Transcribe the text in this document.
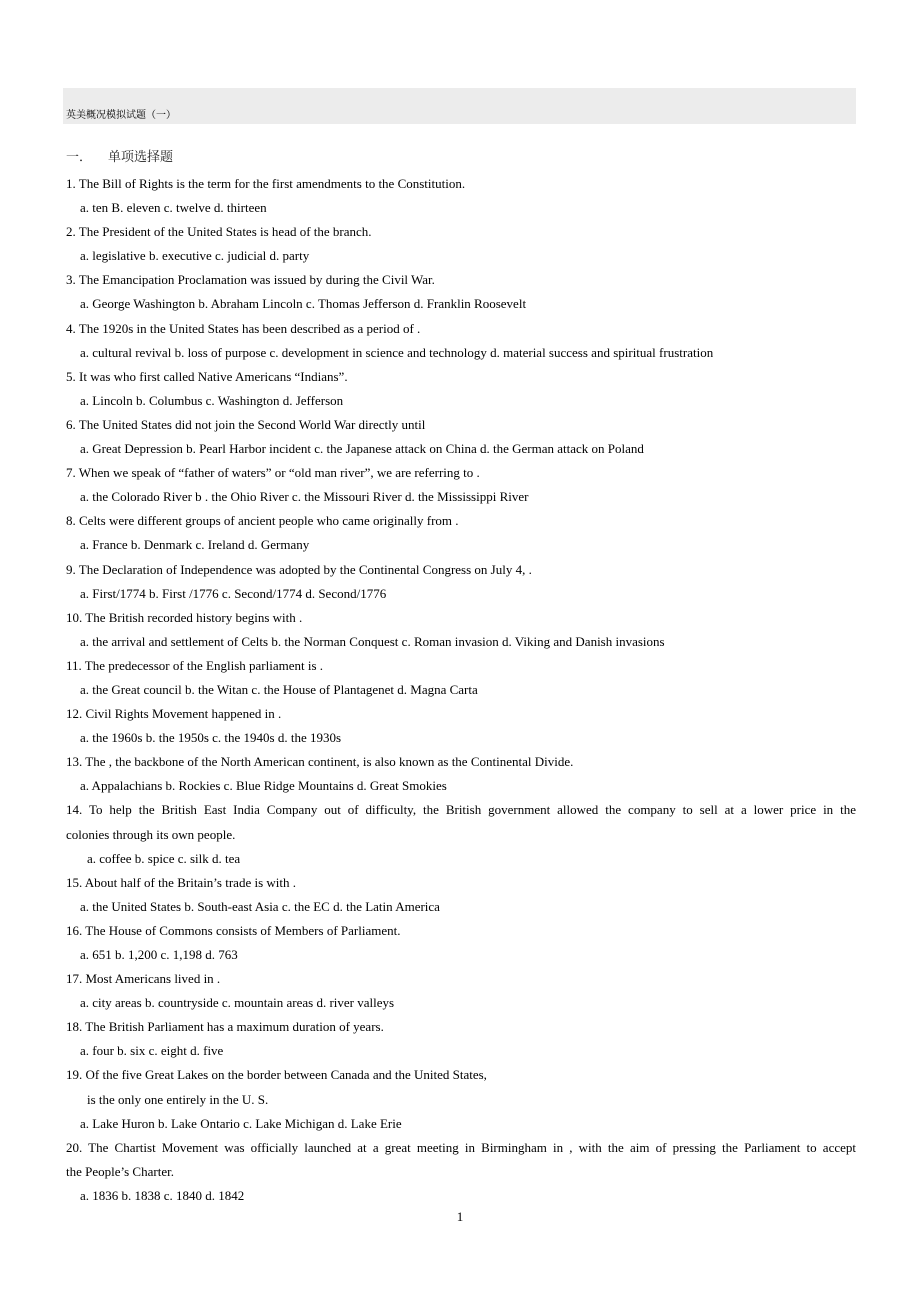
英美概况模拟试题（一）
一． 单项选择题
1. The Bill of Rights is the term for the first amendments to the Constitution.
a. ten B. eleven c. twelve d. thirteen
2. The President of the United States is head of the branch.
a. legislative b. executive c. judicial d. party
3. The Emancipation Proclamation was issued by during the Civil War.
a. George Washington b. Abraham Lincoln c. Thomas Jefferson d. Franklin Roosevelt
4. The 1920s in the United States has been described as a period of .
a. cultural revival b. loss of purpose c. development in science and technology d. material success and spiritual frustration
5. It was who first called Native Americans “Indians”.
a. Lincoln b. Columbus c. Washington d. Jefferson
6. The United States did not join the Second World War directly until
a. Great Depression b. Pearl Harbor incident c. the Japanese attack on China d. the German attack on Poland
7. When we speak of “father of waters” or “old man river”, we are referring to .
a. the Colorado River b . the Ohio River c. the Missouri River d. the Mississippi River
8. Celts were different groups of ancient people who came originally from .
a. France b. Denmark c. Ireland d. Germany
9. The Declaration of Independence was adopted by the Continental Congress on July 4, .
a. First/1774 b. First /1776 c. Second/1774 d. Second/1776
10. The British recorded history begins with .
a. the arrival and settlement of Celts b. the Norman Conquest c. Roman invasion d. Viking and Danish invasions
11. The predecessor of the English parliament is .
a. the Great council b. the Witan c. the House of Plantagenet d. Magna Carta
12. Civil Rights Movement happened in .
a. the 1960s b. the 1950s c. the 1940s d. the 1930s
13. The , the backbone of the North American continent, is also known as the Continental Divide.
a. Appalachians b. Rockies c. Blue Ridge Mountains d. Great Smokies
14. To help the British East India Company out of difficulty, the British government allowed the company to sell at a lower price in the
colonies through its own people.
a. coffee b. spice c. silk d. tea
15. About half of the Britain’s trade is with .
a. the United States b. South-east Asia c. the EC d. the Latin America
16. The House of Commons consists of Members of Parliament.
a. 651 b. 1,200 c. 1,198 d. 763
17. Most Americans lived in .
a. city areas b. countryside c. mountain areas d. river valleys
18. The British Parliament has a maximum duration of years.
a. four b. six c. eight d. five
19. Of the five Great Lakes on the border between Canada and the United States,
is the only one entirely in the U. S.
a. Lake Huron b. Lake Ontario c. Lake Michigan d. Lake Erie
20. The Chartist Movement was officially launched at a great meeting in Birmingham in , with the aim of pressing the Parliament to accept
the People’s Charter.
a. 1836 b. 1838 c. 1840 d. 1842
1
